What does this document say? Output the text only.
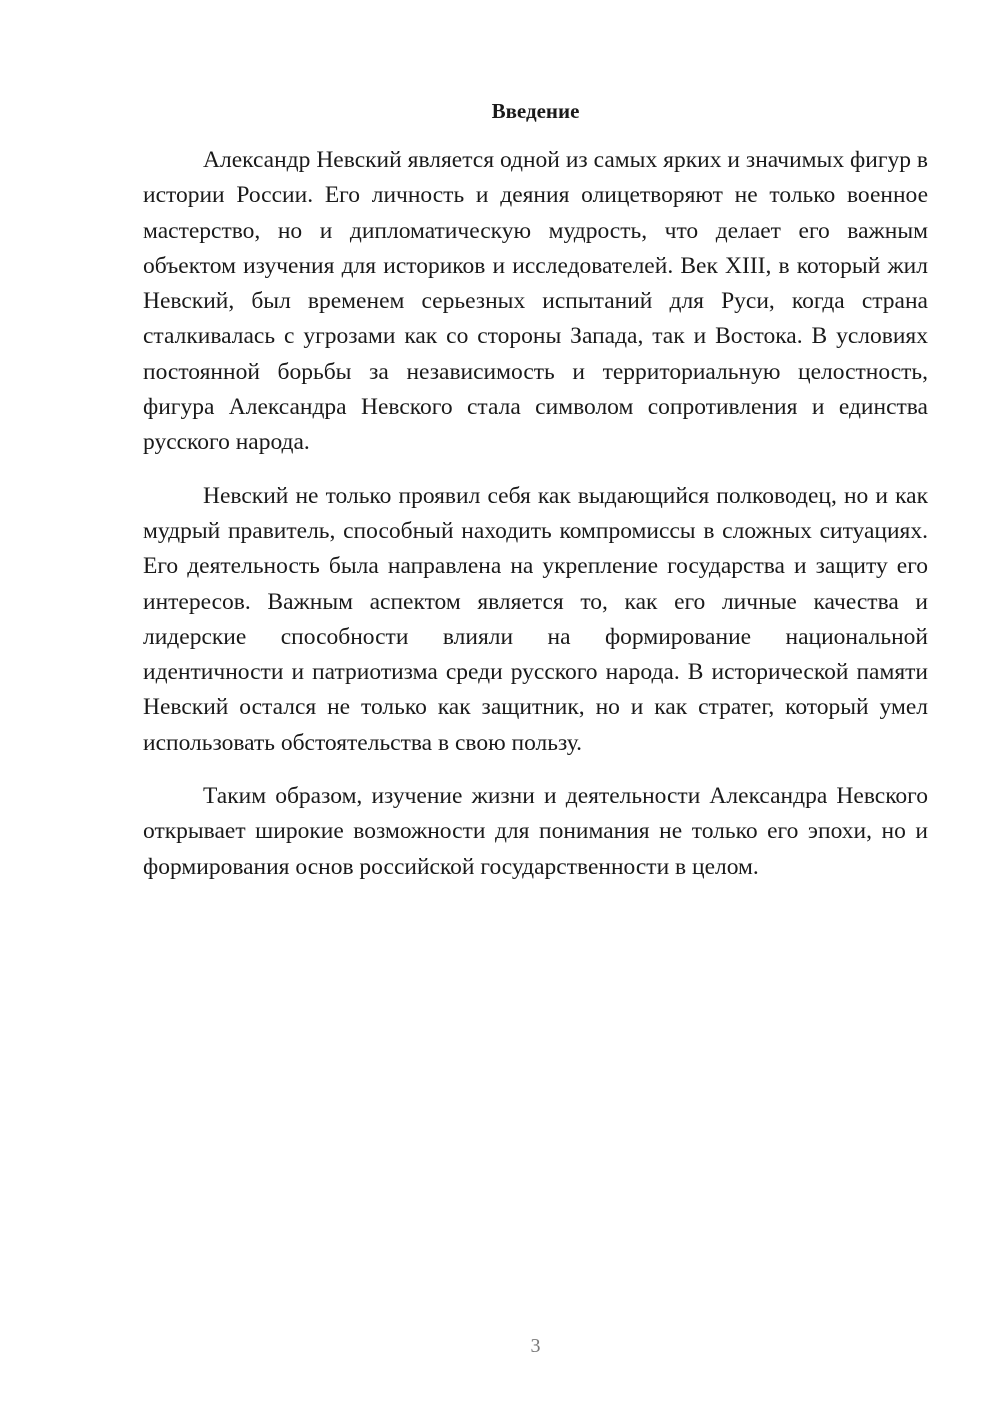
Введение

Александр Невский является одной из самых ярких и значимых фигур в истории России. Его личность и деяния олицетворяют не только военное мастерство, но и дипломатическую мудрость, что делает его важным объектом изучения для историков и исследователей. Век XIII, в который жил Невский, был временем серьезных испытаний для Руси, когда страна сталкивалась с угрозами как со стороны Запада, так и Востока. В условиях постоянной борьбы за независимость и территориальную целостность, фигура Александра Невского стала символом сопротивления и единства русского народа.

Невский не только проявил себя как выдающийся полководец, но и как мудрый правитель, способный находить компромиссы в сложных ситуациях. Его деятельность была направлена на укрепление государства и защиту его интересов. Важным аспектом является то, как его личные качества и лидерские способности влияли на формирование национальной идентичности и патриотизма среди русского народа. В исторической памяти Невский остался не только как защитник, но и как стратег, который умел использовать обстоятельства в свою пользу.

Таким образом, изучение жизни и деятельности Александра Невского открывает широкие возможности для понимания не только его эпохи, но и формирования основ российской государственности в целом.

3
